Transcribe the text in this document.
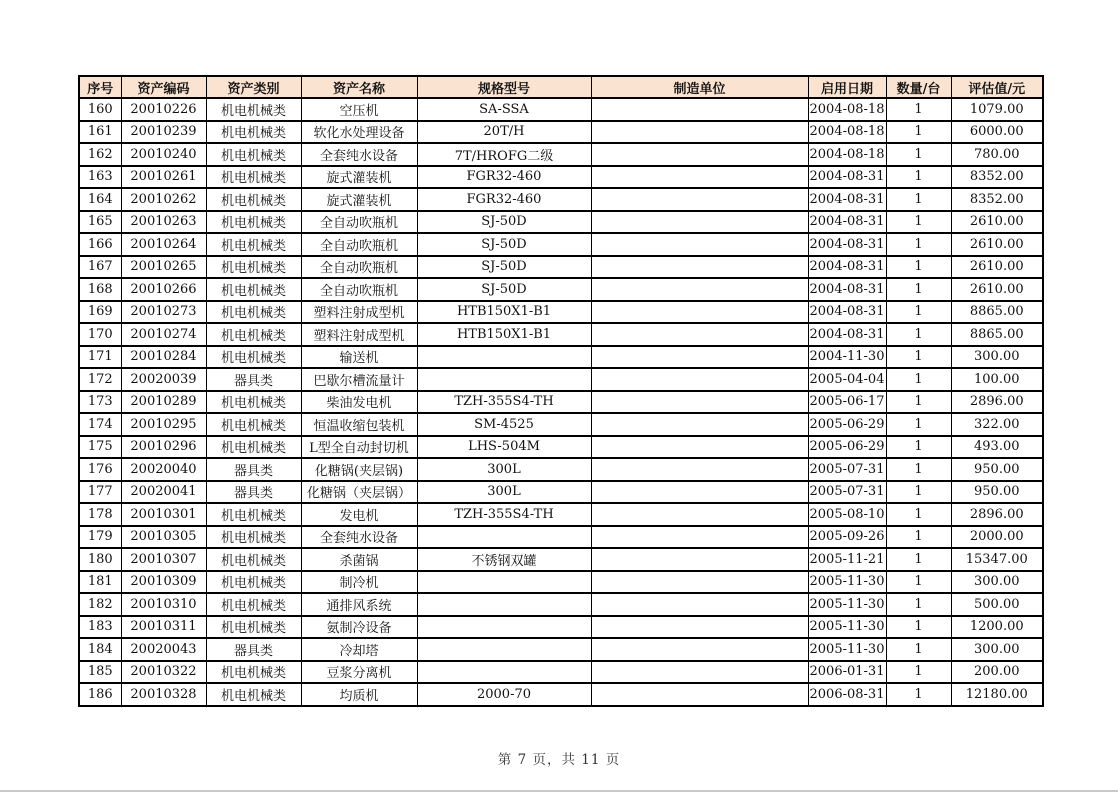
序号	资产编码	资产类别	资产名称	规格型号	制造单位	启用日期	数量/台	评估值/元
160	20010226	机电机械类	空压机	SA-SSA		2004-08-18	1	1079.00
161	20010239	机电机械类	软化水处理设备	20T/H		2004-08-18	1	6000.00
162	20010240	机电机械类	全套纯水设备	7T/HROFG二级		2004-08-18	1	780.00
163	20010261	机电机械类	旋式灌装机	FGR32-460		2004-08-31	1	8352.00
164	20010262	机电机械类	旋式灌装机	FGR32-460		2004-08-31	1	8352.00
165	20010263	机电机械类	全自动吹瓶机	SJ-50D		2004-08-31	1	2610.00
166	20010264	机电机械类	全自动吹瓶机	SJ-50D		2004-08-31	1	2610.00
167	20010265	机电机械类	全自动吹瓶机	SJ-50D		2004-08-31	1	2610.00
168	20010266	机电机械类	全自动吹瓶机	SJ-50D		2004-08-31	1	2610.00
169	20010273	机电机械类	塑料注射成型机	HTB150X1-B1		2004-08-31	1	8865.00
170	20010274	机电机械类	塑料注射成型机	HTB150X1-B1		2004-08-31	1	8865.00
171	20010284	机电机械类	输送机			2004-11-30	1	300.00
172	20020039	器具类	巴歇尔槽流量计			2005-04-04	1	100.00
173	20010289	机电机械类	柴油发电机	TZH-355S4-TH		2005-06-17	1	2896.00
174	20010295	机电机械类	恒温收缩包装机	SM-4525		2005-06-29	1	322.00
175	20010296	机电机械类	L型全自动封切机	LHS-504M		2005-06-29	1	493.00
176	20020040	器具类	化糖锅(夹层锅)	300L		2005-07-31	1	950.00
177	20020041	器具类	化糖锅（夹层锅）	300L		2005-07-31	1	950.00
178	20010301	机电机械类	发电机	TZH-355S4-TH		2005-08-10	1	2896.00
179	20010305	机电机械类	全套纯水设备			2005-09-26	1	2000.00
180	20010307	机电机械类	杀菌锅	不锈钢双罐		2005-11-21	1	15347.00
181	20010309	机电机械类	制冷机			2005-11-30	1	300.00
182	20010310	机电机械类	通排风系统			2005-11-30	1	500.00
183	20010311	机电机械类	氨制冷设备			2005-11-30	1	1200.00
184	20020043	器具类	冷却塔			2005-11-30	1	300.00
185	20010322	机电机械类	豆浆分离机			2006-01-31	1	200.00
186	20010328	机电机械类	均质机	2000-70		2006-08-31	1	12180.00
第 7 页，共 11 页
